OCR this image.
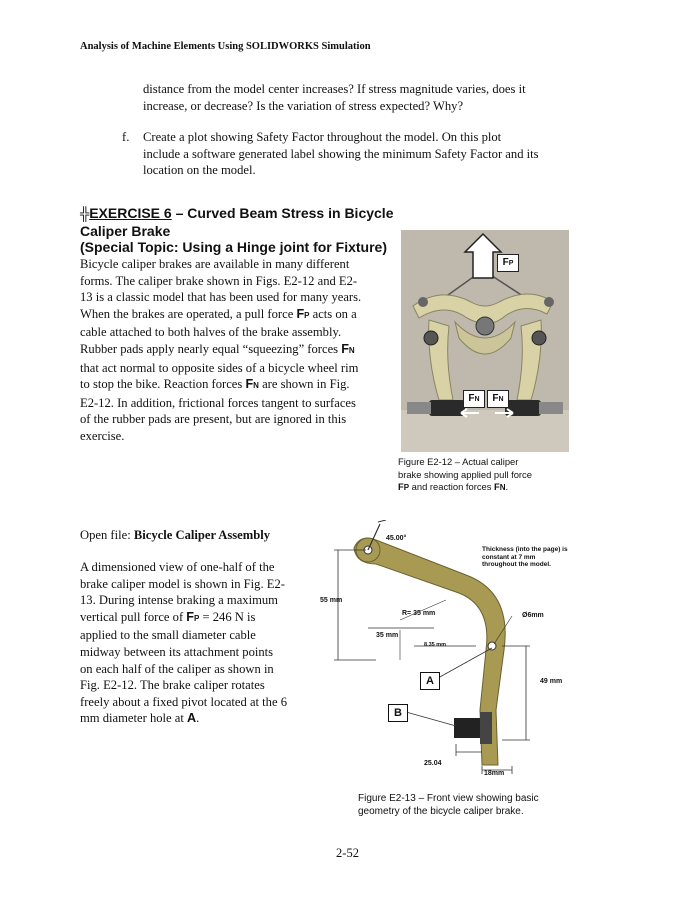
Analysis of Machine Elements Using SOLIDWORKS Simulation
distance from the model center increases? If stress magnitude varies, does it
increase, or decrease? Is the variation of stress expected? Why?
f. Create a plot showing Safety Factor throughout the model. On this plot
include a software generated label showing the minimum Safety Factor and its
location on the model.
╬EXERCISE 6 – Curved Beam Stress in Bicycle
Caliper Brake
(Special Topic: Using a Hinge joint for Fixture)
Bicycle caliper brakes are available in many different
forms. The caliper brake shown in Figs. E2-12 and E2-
13 is a classic model that has been used for many years.
When the brakes are operated, a pull force FP acts on a
cable attached to both halves of the brake assembly.
Rubber pads apply nearly equal “squeezing” forces FN
that act normal to opposite sides of a bicycle wheel rim
to stop the bike. Reaction forces FN are shown in Fig.
E2-12. In addition, frictional forces tangent to surfaces
of the rubber pads are present, but are ignored in this
exercise.
FP
FN	FN
Figure E2-12 – Actual caliper
brake showing applied pull force
FP and reaction forces FN.
Open file: Bicycle Caliper Assembly
A dimensioned view of one-half of the
brake caliper model is shown in Fig. E2-
13. During intense braking a maximum
vertical pull force of FP = 246 N is
applied to the small diameter cable
midway between its attachment points
on each half of the caliper as shown in
Fig. E2-12. The brake caliper rotates
freely about a fixed pivot located at the 6
mm diameter hole at A.
45.00°
Thickness (into the page) is
constant at 7 mm
throughout the model.
55 mm
R= 35 mm	Ø6mm
35 mm
8.35 mm
49 mm
25.04
18mm
A
B
Figure E2-13 – Front view showing basic
geometry of the bicycle caliper brake.
2-52
